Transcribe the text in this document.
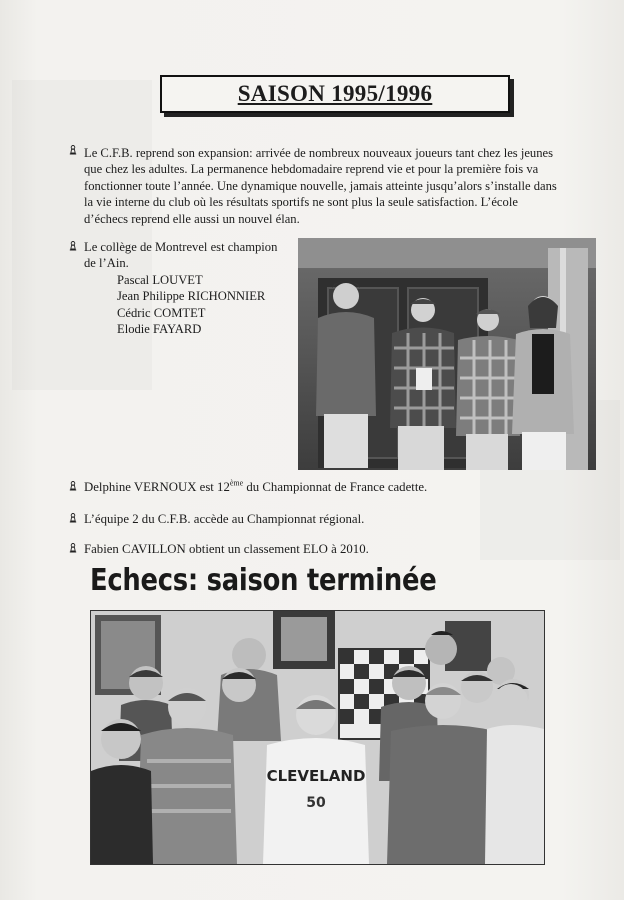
SAISON 1995/1996
Le C.F.B. reprend son expansion: arrivée de nombreux nouveaux joueurs tant chez les jeunes
que chez les adultes. La permanence hebdomadaire reprend vie et pour la première fois va
fonctionner toute l’année. Une dynamique nouvelle, jamais atteinte jusqu’alors s’installe dans
la vie interne du club où les résultats sportifs ne sont plus la seule satisfaction. L’école
d’échecs reprend elle aussi un nouvel élan.
Le collège de Montrevel est champion
de l’Ain.
Pascal LOUVET
Jean Philippe RICHONNIER
Cédric COMTET
Elodie FAYARD
Delphine VERNOUX est 12ème du Championnat de France cadette.
L’équipe 2 du C.F.B. accède au Championnat régional.
Fabien CAVILLON obtient un classement ELO à 2010.
Echecs: saison terminée
CLEVELAND
50
